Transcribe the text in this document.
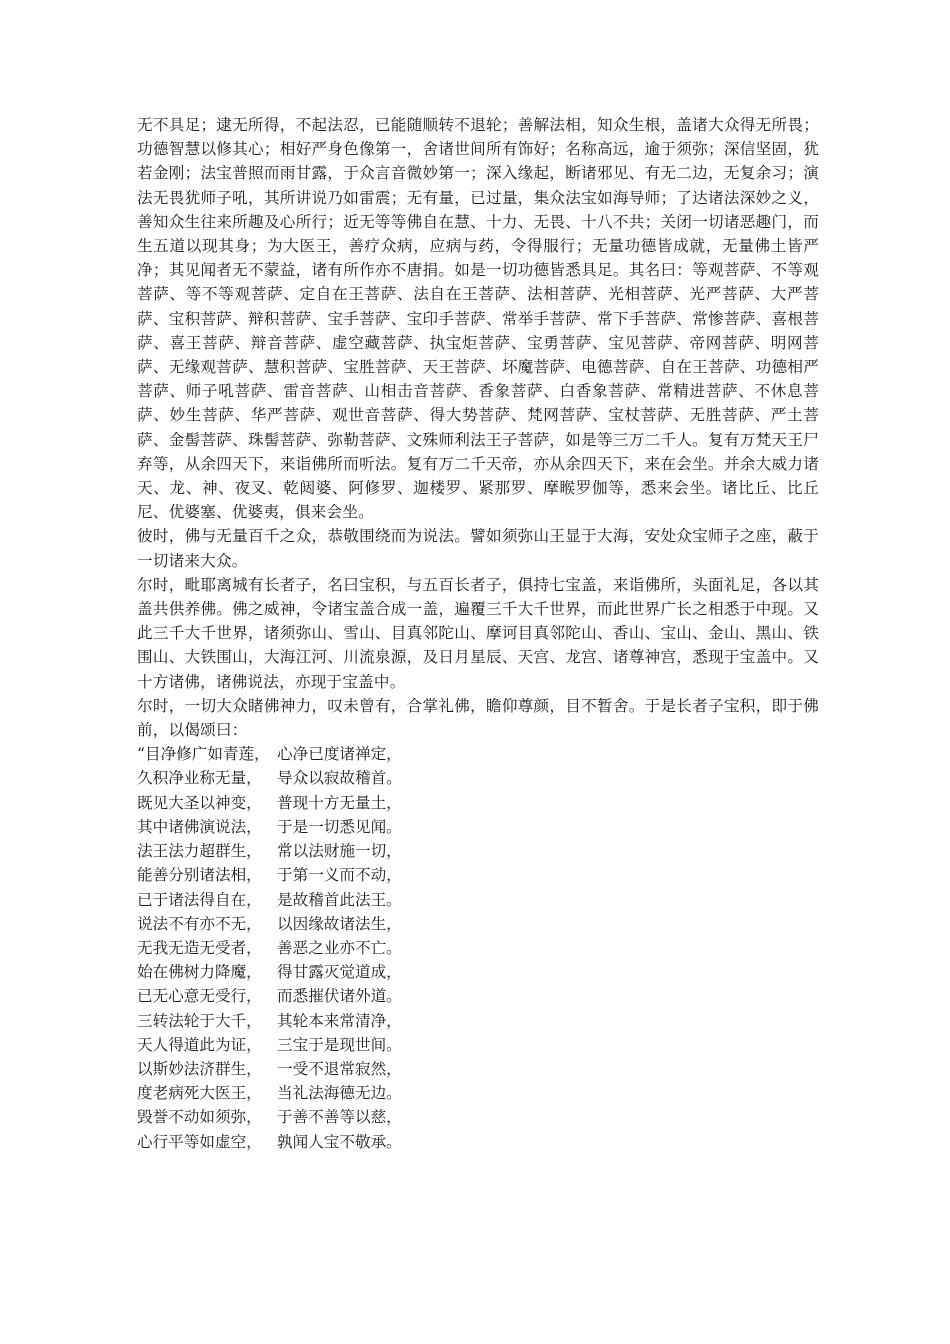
无不具足；逮无所得，不起法忍，已能随顺转不退轮；善解法相，知众生根，盖诸大众得无所畏；功德智慧以修其心；相好严身色像第一，舍诸世间所有饰好；名称高远，逾于须弥；深信坚固，犹若金刚；法宝普照而雨甘露，于众言音微妙第一；深入缘起，断诸邪见、有无二边，无复余习；演法无畏犹师子吼，其所讲说乃如雷震；无有量，已过量，集众法宝如海导师；了达诸法深妙之义，善知众生往来所趣及心所行；近无等等佛自在慧、十力、无畏、十八不共；关闭一切诸恶趣门，而生五道以现其身；为大医王，善疗众病，应病与药，令得服行；无量功德皆成就，无量佛土皆严净；其见闻者无不蒙益，诸有所作亦不唐捐。如是一切功德皆悉具足。其名曰：等观菩萨、不等观菩萨、等不等观菩萨、定自在王菩萨、法自在王菩萨、法相菩萨、光相菩萨、光严菩萨、大严菩萨、宝积菩萨、辩积菩萨、宝手菩萨、宝印手菩萨、常举手菩萨、常下手菩萨、常惨菩萨、喜根菩萨、喜王菩萨、辩音菩萨、虚空藏菩萨、执宝炬菩萨、宝勇菩萨、宝见菩萨、帝网菩萨、明网菩萨、无缘观菩萨、慧积菩萨、宝胜菩萨、天王菩萨、坏魔菩萨、电德菩萨、自在王菩萨、功德相严菩萨、师子吼菩萨、雷音菩萨、山相击音菩萨、香象菩萨、白香象菩萨、常精进菩萨、不休息菩萨、妙生菩萨、华严菩萨、观世音菩萨、得大势菩萨、梵网菩萨、宝杖菩萨、无胜菩萨、严土菩萨、金髻菩萨、珠髻菩萨、弥勒菩萨、文殊师利法王子菩萨，如是等三万二千人。复有万梵天王尸弃等，从余四天下，来诣佛所而听法。复有万二千天帝，亦从余四天下，来在会坐。并余大威力诸天、龙、神、夜叉、乾闼婆、阿修罗、迦楼罗、紧那罗、摩睺罗伽等，悉来会坐。诸比丘、比丘尼、优婆塞、优婆夷，俱来会坐。

彼时，佛与无量百千之众，恭敬围绕而为说法。譬如须弥山王显于大海，安处众宝师子之座，蔽于一切诸来大众。

尔时，毗耶离城有长者子，名曰宝积，与五百长者子，俱持七宝盖，来诣佛所，头面礼足，各以其盖共供养佛。佛之威神，令诸宝盖合成一盖，遍覆三千大千世界，而此世界广长之相悉于中现。又此三千大千世界，诸须弥山、雪山、目真邻陀山、摩诃目真邻陀山、香山、宝山、金山、黑山、铁围山、大铁围山，大海江河、川流泉源，及日月星辰、天宫、龙宫、诸尊神宫，悉现于宝盖中。又十方诸佛，诸佛说法，亦现于宝盖中。

尔时，一切大众睹佛神力，叹未曾有，合掌礼佛，瞻仰尊颜，目不暂舍。于是长者子宝积，即于佛前，以偈颂曰：

“目净修广如青莲， 心净已度诸禅定，
久积净业称无量， 导众以寂故稽首。
既见大圣以神变， 普现十方无量土，
其中诸佛演说法， 于是一切悉见闻。
法王法力超群生， 常以法财施一切，
能善分别诸法相， 于第一义而不动，
已于诸法得自在， 是故稽首此法王。
说法不有亦不无， 以因缘故诸法生，
无我无造无受者， 善恶之业亦不亡。
始在佛树力降魔， 得甘露灭觉道成，
已无心意无受行， 而悉摧伏诸外道。
三转法轮于大千， 其轮本来常清净，
天人得道此为证， 三宝于是现世间。
以斯妙法济群生， 一受不退常寂然，
度老病死大医王， 当礼法海德无边。
毁誉不动如须弥， 于善不善等以慈，
心行平等如虚空， 孰闻人宝不敬承。
